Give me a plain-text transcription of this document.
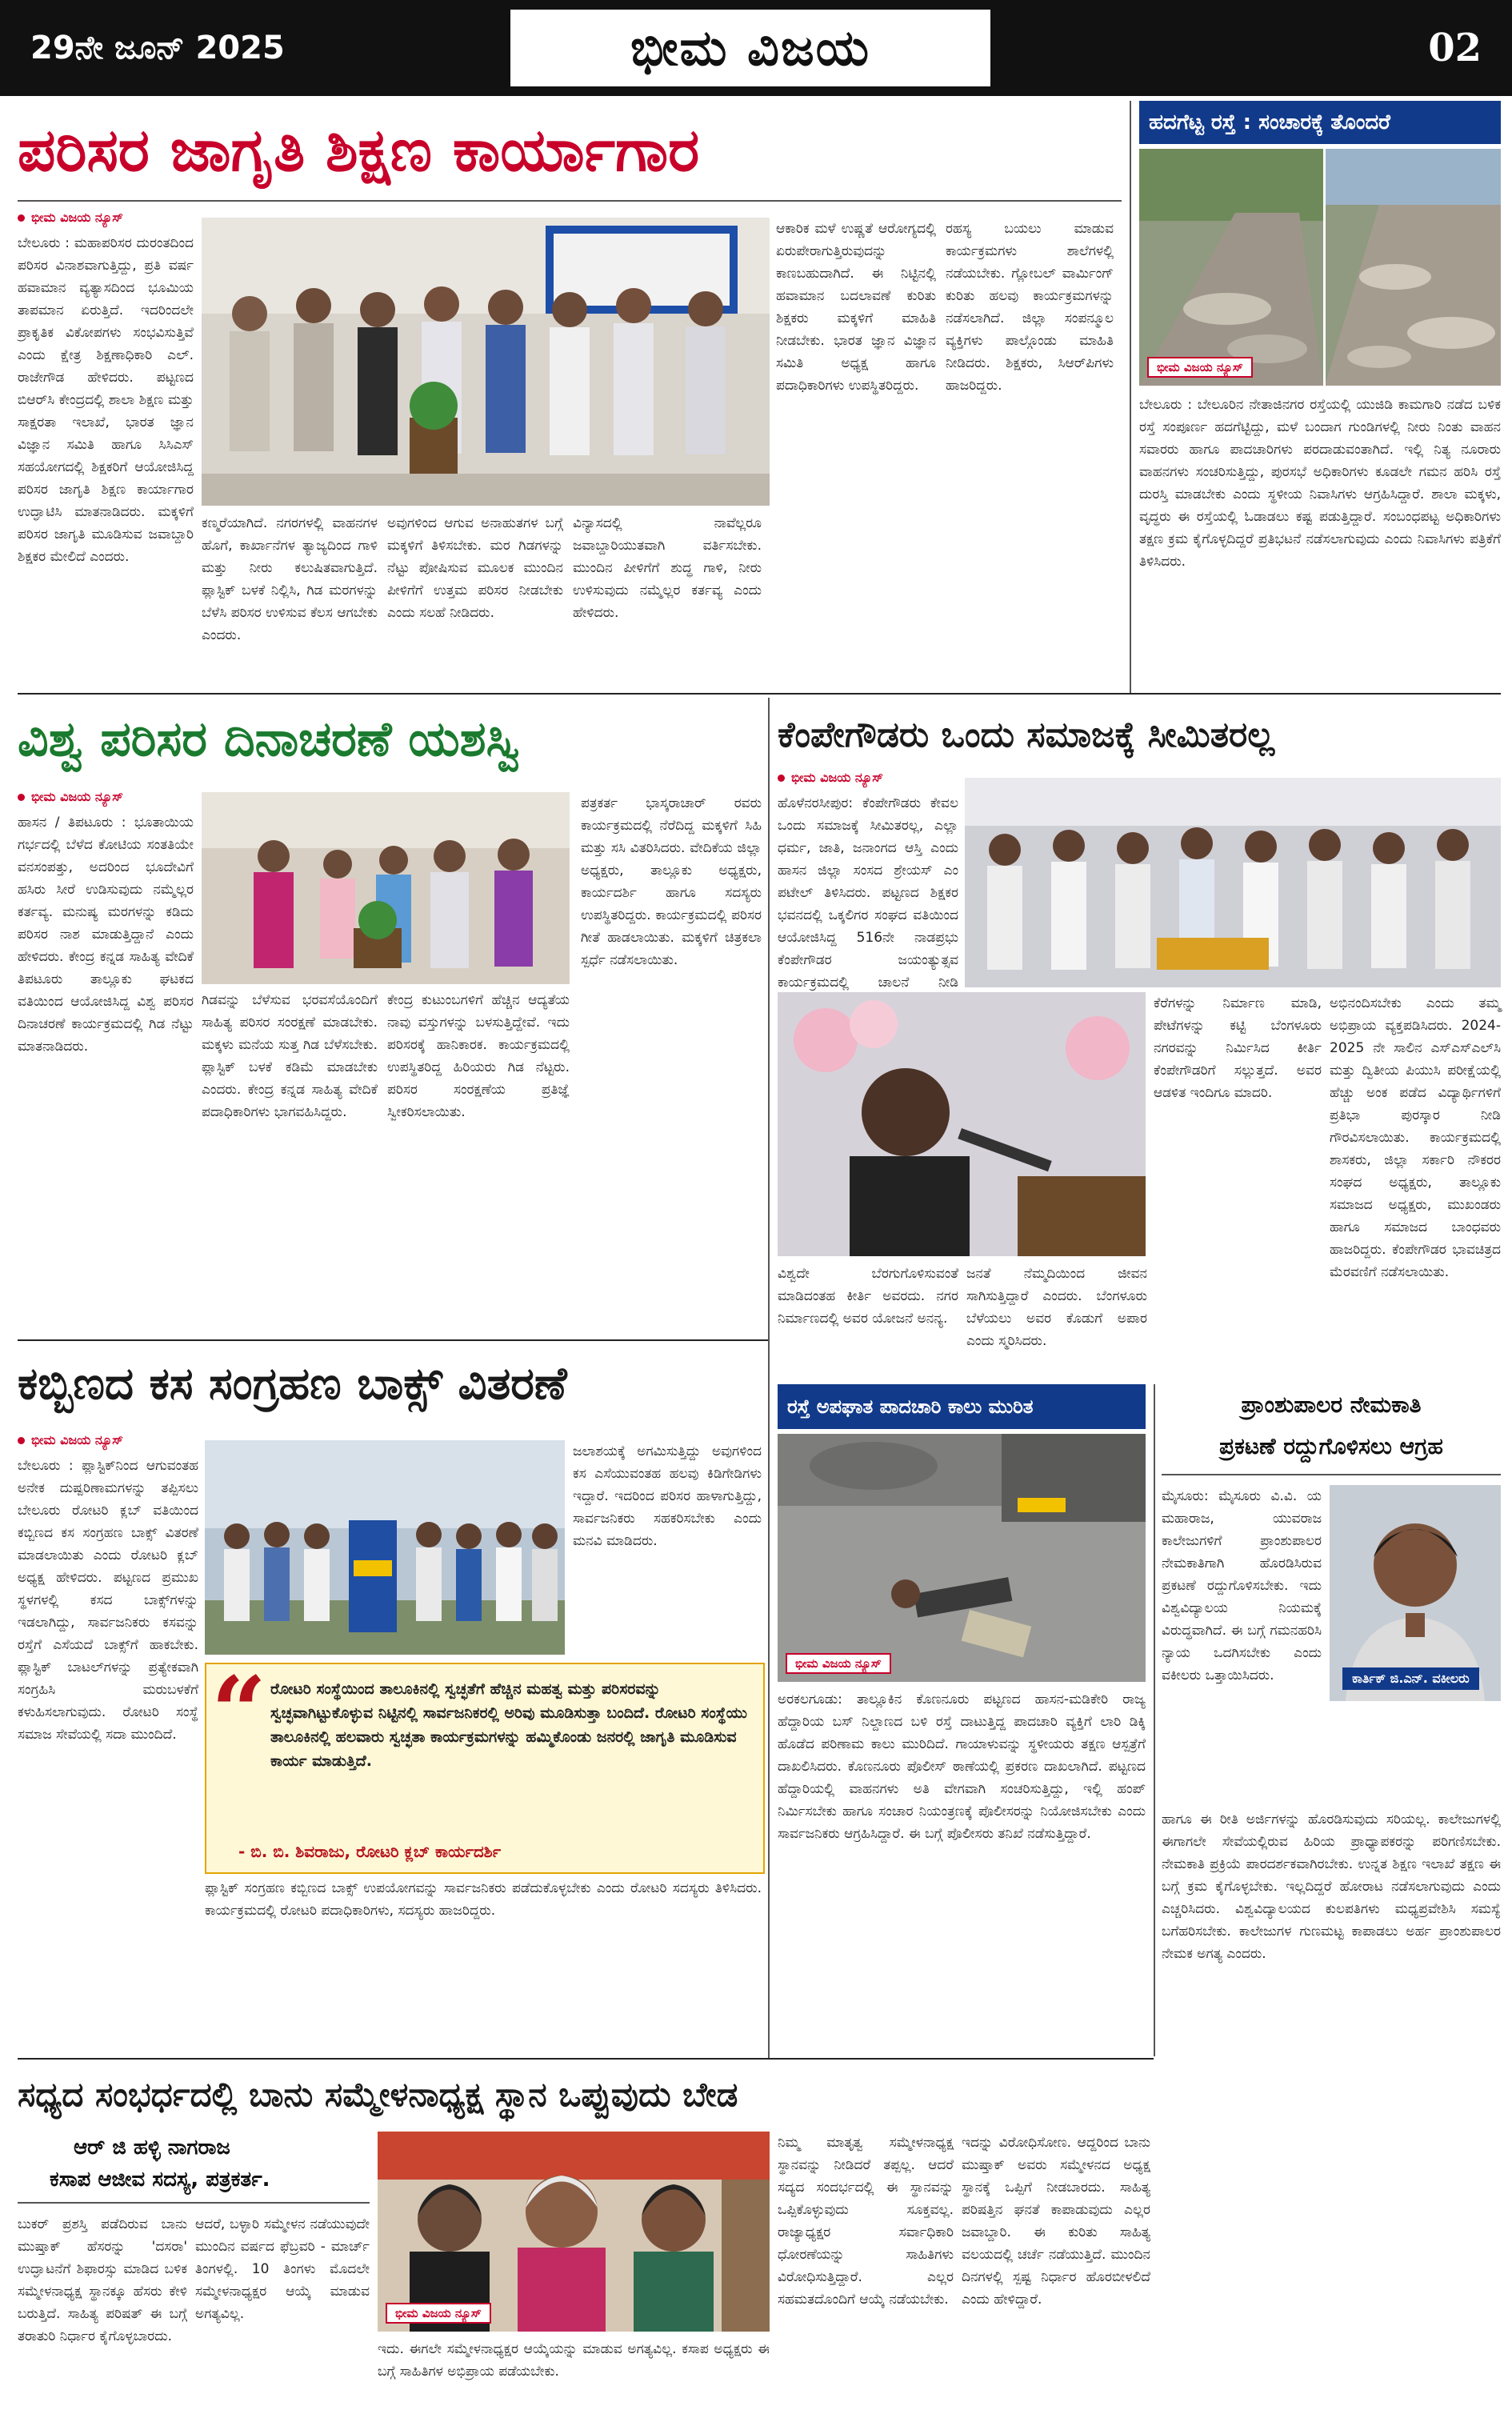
29ನೇ ಜೂನ್ 2025	ಭೀಮ ವಿಜಯ	02
ಪರಿಸರ ಜಾಗೃತಿ ಶಿಕ್ಷಣ ಕಾರ್ಯಾಗಾರ
ಭೀಮ ವಿಜಯ ನ್ಯೂಸ್
ಬೇಲೂರು : ಮಹಾಪರಿಸರ ದುರಂತದಿಂದ ಪರಿಸರ ವಿನಾಶವಾಗುತ್ತಿದ್ದು, ಪ್ರತಿ ವರ್ಷ ಹವಾಮಾನ ವ್ಯತ್ಯಾಸದಿಂದ ಭೂಮಿಯ ತಾಪಮಾನ ಏರುತ್ತಿದೆ. ಇದರಿಂದಲೇ ಪ್ರಾಕೃತಿಕ ವಿಕೋಪಗಳು ಸಂಭವಿಸುತ್ತಿವೆ ಎಂದು ಕ್ಷೇತ್ರ ಶಿಕ್ಷಣಾಧಿಕಾರಿ ಎಲ್. ರಾಜೇಗೌಡ ಹೇಳಿದರು. ಪಟ್ಟಣದ ಬಿಆರ್‌ಸಿ ಕೇಂದ್ರದಲ್ಲಿ ಶಾಲಾ ಶಿಕ್ಷಣ ಮತ್ತು ಸಾಕ್ಷರತಾ ಇಲಾಖೆ, ಭಾರತ ಜ್ಞಾನ ವಿಜ್ಞಾನ ಸಮಿತಿ ಹಾಗೂ ಸಿಸಿಎಸ್ ಸಹಯೋಗದಲ್ಲಿ ಶಿಕ್ಷಕರಿಗೆ ಆಯೋಜಿಸಿದ್ದ ಪರಿಸರ ಜಾಗೃತಿ ಶಿಕ್ಷಣ ಕಾರ್ಯಾಗಾರ ಉದ್ಘಾಟಿಸಿ ಮಾತನಾಡಿದರು. ಮಕ್ಕಳಿಗೆ ಪರಿಸರ ಜಾಗೃತಿ ಮೂಡಿಸುವ ಜವಾಬ್ದಾರಿ ಶಿಕ್ಷಕರ ಮೇಲಿದೆ ಎಂದರು.
ಕಣ್ಮರೆಯಾಗಿದೆ. ನಗರಗಳಲ್ಲಿ ವಾಹನಗಳ ಹೊಗೆ, ಕಾರ್ಖಾನೆಗಳ ತ್ಯಾಜ್ಯದಿಂದ ಗಾಳಿ ಮತ್ತು ನೀರು ಕಲುಷಿತವಾಗುತ್ತಿದೆ. ಪ್ಲಾಸ್ಟಿಕ್ ಬಳಕೆ ನಿಲ್ಲಿಸಿ, ಗಿಡ ಮರಗಳನ್ನು ಬೆಳೆಸಿ ಪರಿಸರ ಉಳಿಸುವ ಕೆಲಸ ಆಗಬೇಕು ಎಂದರು.
ಅವುಗಳಿಂದ ಆಗುವ ಅನಾಹುತಗಳ ಬಗ್ಗೆ ಮಕ್ಕಳಿಗೆ ತಿಳಿಸಬೇಕು. ಮರ ಗಿಡಗಳನ್ನು ನೆಟ್ಟು ಪೋಷಿಸುವ ಮೂಲಕ ಮುಂದಿನ ಪೀಳಿಗೆಗೆ ಉತ್ತಮ ಪರಿಸರ ನೀಡಬೇಕು ಎಂದು ಸಲಹೆ ನೀಡಿದರು.
ವಿನ್ಯಾಸದಲ್ಲಿ ನಾವೆಲ್ಲರೂ ಜವಾಬ್ದಾರಿಯುತವಾಗಿ ವರ್ತಿಸಬೇಕು. ಮುಂದಿನ ಪೀಳಿಗೆಗೆ ಶುದ್ಧ ಗಾಳಿ, ನೀರು ಉಳಿಸುವುದು ನಮ್ಮೆಲ್ಲರ ಕರ್ತವ್ಯ ಎಂದು ಹೇಳಿದರು.
ಆಕಾರಿಕ ಮಳೆ ಉಷ್ಣತೆ ಆರೋಗ್ಯದಲ್ಲಿ ಏರುಪೇರಾಗುತ್ತಿರುವುದನ್ನು ಕಾಣಬಹುದಾಗಿದೆ. ಈ ನಿಟ್ಟಿನಲ್ಲಿ ಹವಾಮಾನ ಬದಲಾವಣೆ ಕುರಿತು ಶಿಕ್ಷಕರು ಮಕ್ಕಳಿಗೆ ಮಾಹಿತಿ ನೀಡಬೇಕು. ಭಾರತ ಜ್ಞಾನ ವಿಜ್ಞಾನ ಸಮಿತಿ ಅಧ್ಯಕ್ಷ ಹಾಗೂ ಪದಾಧಿಕಾರಿಗಳು ಉಪಸ್ಥಿತರಿದ್ದರು.
ರಹಸ್ಯ ಬಯಲು ಮಾಡುವ ಕಾರ್ಯಕ್ರಮಗಳು ಶಾಲೆಗಳಲ್ಲಿ ನಡೆಯಬೇಕು. ಗ್ಲೋಬಲ್ ವಾರ್ಮಿಂಗ್ ಕುರಿತು ಹಲವು ಕಾರ್ಯಕ್ರಮಗಳನ್ನು ನಡೆಸಲಾಗಿದೆ. ಜಿಲ್ಲಾ ಸಂಪನ್ಮೂಲ ವ್ಯಕ್ತಿಗಳು ಪಾಲ್ಗೊಂಡು ಮಾಹಿತಿ ನೀಡಿದರು. ಶಿಕ್ಷಕರು, ಸಿಆರ್‌ಪಿಗಳು ಹಾಜರಿದ್ದರು.
ಹದಗೆಟ್ಟ ರಸ್ತೆ : ಸಂಚಾರಕ್ಕೆ ತೊಂದರೆ
ಭೀಮ ವಿಜಯ ನ್ಯೂಸ್
ಬೇಲೂರು : ಬೇಲೂರಿನ ನೇತಾಜಿನಗರ ರಸ್ತೆಯಲ್ಲಿ ಯುಜಿಡಿ ಕಾಮಗಾರಿ ನಡೆದ ಬಳಿಕ ರಸ್ತೆ ಸಂಪೂರ್ಣ ಹದಗೆಟ್ಟಿದ್ದು, ಮಳೆ ಬಂದಾಗ ಗುಂಡಿಗಳಲ್ಲಿ ನೀರು ನಿಂತು ವಾಹನ ಸವಾರರು ಹಾಗೂ ಪಾದಚಾರಿಗಳು ಪರದಾಡುವಂತಾಗಿದೆ. ಇಲ್ಲಿ ನಿತ್ಯ ನೂರಾರು ವಾಹನಗಳು ಸಂಚರಿಸುತ್ತಿದ್ದು, ಪುರಸಭೆ ಅಧಿಕಾರಿಗಳು ಕೂಡಲೇ ಗಮನ ಹರಿಸಿ ರಸ್ತೆ ದುರಸ್ತಿ ಮಾಡಬೇಕು ಎಂದು ಸ್ಥಳೀಯ ನಿವಾಸಿಗಳು ಆಗ್ರಹಿಸಿದ್ದಾರೆ. ಶಾಲಾ ಮಕ್ಕಳು, ವೃದ್ಧರು ಈ ರಸ್ತೆಯಲ್ಲಿ ಓಡಾಡಲು ಕಷ್ಟ ಪಡುತ್ತಿದ್ದಾರೆ. ಸಂಬಂಧಪಟ್ಟ ಅಧಿಕಾರಿಗಳು ತಕ್ಷಣ ಕ್ರಮ ಕೈಗೊಳ್ಳದಿದ್ದರೆ ಪ್ರತಿಭಟನೆ ನಡೆಸಲಾಗುವುದು ಎಂದು ನಿವಾಸಿಗಳು ಪತ್ರಿಕೆಗೆ ತಿಳಿಸಿದರು.
ವಿಶ್ವ ಪರಿಸರ ದಿನಾಚರಣೆ ಯಶಸ್ವಿ
ಭೀಮ ವಿಜಯ ನ್ಯೂಸ್
ಹಾಸನ / ತಿಪಟೂರು : ಭೂತಾಯಿಯ ಗರ್ಭದಲ್ಲಿ ಬೆಳೆದ ಕೋಟಿಯ ಸಂತತಿಯೇ ವನಸಂಪತ್ತು, ಅದರಿಂದ ಭೂದೇವಿಗೆ ಹಸಿರು ಸೀರೆ ಉಡಿಸುವುದು ನಮ್ಮೆಲ್ಲರ ಕರ್ತವ್ಯ. ಮನುಷ್ಯ ಮರಗಳನ್ನು ಕಡಿದು ಪರಿಸರ ನಾಶ ಮಾಡುತ್ತಿದ್ದಾನೆ ಎಂದು ಹೇಳಿದರು. ಕೇಂದ್ರ ಕನ್ನಡ ಸಾಹಿತ್ಯ ವೇದಿಕೆ ತಿಪಟೂರು ತಾಲ್ಲೂಕು ಘಟಕದ ವತಿಯಿಂದ ಆಯೋಜಿಸಿದ್ದ ವಿಶ್ವ ಪರಿಸರ ದಿನಾಚರಣೆ ಕಾರ್ಯಕ್ರಮದಲ್ಲಿ ಗಿಡ ನೆಟ್ಟು ಮಾತನಾಡಿದರು.
ಗಿಡವನ್ನು ಬೆಳೆಸುವ ಭರವಸೆಯೊಂದಿಗೆ ಸಾಹಿತ್ಯ ಪರಿಸರ ಸಂರಕ್ಷಣೆ ಮಾಡಬೇಕು. ಮಕ್ಕಳು ಮನೆಯ ಸುತ್ತ ಗಿಡ ಬೆಳೆಸಬೇಕು. ಪ್ಲಾಸ್ಟಿಕ್ ಬಳಕೆ ಕಡಿಮೆ ಮಾಡಬೇಕು ಎಂದರು. ಕೇಂದ್ರ ಕನ್ನಡ ಸಾಹಿತ್ಯ ವೇದಿಕೆ ಪದಾಧಿಕಾರಿಗಳು ಭಾಗವಹಿಸಿದ್ದರು.
ಕೇಂದ್ರ ಕುಟುಂಬಗಳಿಗೆ ಹೆಚ್ಚಿನ ಆದ್ಯತೆಯ ನಾವು ವಸ್ತುಗಳನ್ನು ಬಳಸುತ್ತಿದ್ದೇವೆ. ಇದು ಪರಿಸರಕ್ಕೆ ಹಾನಿಕಾರಕ. ಕಾರ್ಯಕ್ರಮದಲ್ಲಿ ಉಪಸ್ಥಿತರಿದ್ದ ಹಿರಿಯರು ಗಿಡ ನೆಟ್ಟರು. ಪರಿಸರ ಸಂರಕ್ಷಣೆಯ ಪ್ರತಿಜ್ಞೆ ಸ್ವೀಕರಿಸಲಾಯಿತು.
ಪತ್ರಕರ್ತ ಭಾಸ್ಕರಾಚಾರ್ ರವರು ಕಾರ್ಯಕ್ರಮದಲ್ಲಿ ನೆರೆದಿದ್ದ ಮಕ್ಕಳಿಗೆ ಸಿಹಿ ಮತ್ತು ಸಸಿ ವಿತರಿಸಿದರು. ವೇದಿಕೆಯ ಜಿಲ್ಲಾ ಅಧ್ಯಕ್ಷರು, ತಾಲ್ಲೂಕು ಅಧ್ಯಕ್ಷರು, ಕಾರ್ಯದರ್ಶಿ ಹಾಗೂ ಸದಸ್ಯರು ಉಪಸ್ಥಿತರಿದ್ದರು. ಕಾರ್ಯಕ್ರಮದಲ್ಲಿ ಪರಿಸರ ಗೀತೆ ಹಾಡಲಾಯಿತು. ಮಕ್ಕಳಿಗೆ ಚಿತ್ರಕಲಾ ಸ್ಪರ್ಧೆ ನಡೆಸಲಾಯಿತು.
ಕೆಂಪೇಗೌಡರು ಒಂದು ಸಮಾಜಕ್ಕೆ ಸೀಮಿತರಲ್ಲ
ಭೀಮ ವಿಜಯ ನ್ಯೂಸ್
ಹೊಳೆನರಸೀಪುರ: ಕೆಂಪೇಗೌಡರು ಕೇವಲ ಒಂದು ಸಮಾಜಕ್ಕೆ ಸೀಮಿತರಲ್ಲ, ಎಲ್ಲಾ ಧರ್ಮ, ಜಾತಿ, ಜನಾಂಗದ ಆಸ್ತಿ ಎಂದು ಹಾಸನ ಜಿಲ್ಲಾ ಸಂಸದ ಶ್ರೇಯಸ್ ಎಂ ಪಟೇಲ್ ತಿಳಿಸಿದರು. ಪಟ್ಟಣದ ಶಿಕ್ಷಕರ ಭವನದಲ್ಲಿ ಒಕ್ಕಲಿಗರ ಸಂಘದ ವತಿಯಿಂದ ಆಯೋಜಿಸಿದ್ದ 516ನೇ ನಾಡಪ್ರಭು ಕೆಂಪೇಗೌಡರ ಜಯಂತ್ಯುತ್ಸವ ಕಾರ್ಯಕ್ರಮದಲ್ಲಿ ಚಾಲನೆ ನೀಡಿ
ಕೆರೆಗಳನ್ನು ನಿರ್ಮಾಣ ಮಾಡಿ, ಪೇಟೆಗಳನ್ನು ಕಟ್ಟಿ ಬೆಂಗಳೂರು ನಗರವನ್ನು ನಿರ್ಮಿಸಿದ ಕೀರ್ತಿ ಕೆಂಪೇಗೌಡರಿಗೆ ಸಲ್ಲುತ್ತದೆ. ಅವರ ಆಡಳಿತ ಇಂದಿಗೂ ಮಾದರಿ.
ಅಭಿನಂದಿಸಬೇಕು ಎಂದು ತಮ್ಮ ಅಭಿಪ್ರಾಯ ವ್ಯಕ್ತಪಡಿಸಿದರು. 2024-2025 ನೇ ಸಾಲಿನ ಎಸ್‌ಎಸ್‌ಎಲ್‌ಸಿ ಮತ್ತು ದ್ವಿತೀಯ ಪಿಯುಸಿ ಪರೀಕ್ಷೆಯಲ್ಲಿ ಹೆಚ್ಚು ಅಂಕ ಪಡೆದ ವಿದ್ಯಾರ್ಥಿಗಳಿಗೆ ಪ್ರತಿಭಾ ಪುರಸ್ಕಾರ ನೀಡಿ ಗೌರವಿಸಲಾಯಿತು. ಕಾರ್ಯಕ್ರಮದಲ್ಲಿ ಶಾಸಕರು, ಜಿಲ್ಲಾ ಸರ್ಕಾರಿ ನೌಕರರ ಸಂಘದ ಅಧ್ಯಕ್ಷರು, ತಾಲ್ಲೂಕು ಸಮಾಜದ ಅಧ್ಯಕ್ಷರು, ಮುಖಂಡರು ಹಾಗೂ ಸಮಾಜದ ಬಾಂಧವರು ಹಾಜರಿದ್ದರು. ಕೆಂಪೇಗೌಡರ ಭಾವಚಿತ್ರದ ಮೆರವಣಿಗೆ ನಡೆಸಲಾಯಿತು.
ವಿಶ್ವದೇ ಬೆರಗುಗೊಳಿಸುವಂತೆ ಮಾಡಿದಂತಹ ಕೀರ್ತಿ ಅವರದು. ನಗರ ನಿರ್ಮಾಣದಲ್ಲಿ ಅವರ ಯೋಜನೆ ಅನನ್ಯ.
ಜನತೆ ನೆಮ್ಮದಿಯಿಂದ ಜೀವನ ಸಾಗಿಸುತ್ತಿದ್ದಾರೆ ಎಂದರು. ಬೆಂಗಳೂರು ಬೆಳೆಯಲು ಅವರ ಕೊಡುಗೆ ಅಪಾರ ಎಂದು ಸ್ಮರಿಸಿದರು.
ಕಬ್ಬಿಣದ ಕಸ ಸಂಗ್ರಹಣ ಬಾಕ್ಸ್ ವಿತರಣೆ
ಭೀಮ ವಿಜಯ ನ್ಯೂಸ್
ಬೇಲೂರು : ಪ್ಲಾಸ್ಟಿಕ್‌ನಿಂದ ಆಗುವಂತಹ ಅನೇಕ ದುಷ್ಪರಿಣಾಮಗಳನ್ನು ತಪ್ಪಿಸಲು ಬೇಲೂರು ರೋಟರಿ ಕ್ಲಬ್ ವತಿಯಿಂದ ಕಬ್ಬಿಣದ ಕಸ ಸಂಗ್ರಹಣ ಬಾಕ್ಸ್ ವಿತರಣೆ ಮಾಡಲಾಯಿತು ಎಂದು ರೋಟರಿ ಕ್ಲಬ್ ಅಧ್ಯಕ್ಷ ಹೇಳಿದರು. ಪಟ್ಟಣದ ಪ್ರಮುಖ ಸ್ಥಳಗಳಲ್ಲಿ ಕಸದ ಬಾಕ್ಸ್‌ಗಳನ್ನು ಇಡಲಾಗಿದ್ದು, ಸಾರ್ವಜನಿಕರು ಕಸವನ್ನು ರಸ್ತೆಗೆ ಎಸೆಯದೆ ಬಾಕ್ಸ್‌ಗೆ ಹಾಕಬೇಕು. ಪ್ಲಾಸ್ಟಿಕ್ ಬಾಟಲ್‌ಗಳನ್ನು ಪ್ರತ್ಯೇಕವಾಗಿ ಸಂಗ್ರಹಿಸಿ ಮರುಬಳಕೆಗೆ ಕಳುಹಿಸಲಾಗುವುದು. ರೋಟರಿ ಸಂಸ್ಥೆ ಸಮಾಜ ಸೇವೆಯಲ್ಲಿ ಸದಾ ಮುಂದಿದೆ.
ಜಲಾಶಯಕ್ಕೆ ಅಗಮಿಸುತ್ತಿದ್ದು ಅವುಗಳಿಂದ ಕಸ ಎಸೆಯುವಂತಹ ಹಲವು ಕಿಡಿಗೇಡಿಗಳು ಇದ್ದಾರೆ. ಇದರಿಂದ ಪರಿಸರ ಹಾಳಾಗುತ್ತಿದ್ದು, ಸಾರ್ವಜನಿಕರು ಸಹಕರಿಸಬೇಕು ಎಂದು ಮನವಿ ಮಾಡಿದರು.
“ ರೋಟರಿ ಸಂಸ್ಥೆಯಿಂದ ತಾಲೂಕಿನಲ್ಲಿ ಸ್ವಚ್ಛತೆಗೆ ಹೆಚ್ಚಿನ ಮಹತ್ವ ಮತ್ತು ಪರಿಸರವನ್ನು ಸ್ವಚ್ಛವಾಗಿಟ್ಟುಕೊಳ್ಳುವ ನಿಟ್ಟಿನಲ್ಲಿ ಸಾರ್ವಜನಿಕರಲ್ಲಿ ಅರಿವು ಮೂಡಿಸುತ್ತಾ ಬಂದಿದೆ. ರೋಟರಿ ಸಂಸ್ಥೆಯು ತಾಲೂಕಿನಲ್ಲಿ ಹಲವಾರು ಸ್ವಚ್ಛತಾ ಕಾರ್ಯಕ್ರಮಗಳನ್ನು ಹಮ್ಮಿಕೊಂಡು ಜನರಲ್ಲಿ ಜಾಗೃತಿ ಮೂಡಿಸುವ ಕಾರ್ಯ ಮಾಡುತ್ತಿದೆ.
- ಬಿ. ಬಿ. ಶಿವರಾಜು, ರೋಟರಿ ಕ್ಲಬ್ ಕಾರ್ಯದರ್ಶಿ
ಪ್ಲಾಸ್ಟಿಕ್ ಸಂಗ್ರಹಣ ಕಬ್ಬಿಣದ ಬಾಕ್ಸ್ ಉಪಯೋಗವನ್ನು ಸಾರ್ವಜನಿಕರು ಪಡೆದುಕೊಳ್ಳಬೇಕು ಎಂದು ರೋಟರಿ ಸದಸ್ಯರು ತಿಳಿಸಿದರು. ಕಾರ್ಯಕ್ರಮದಲ್ಲಿ ರೋಟರಿ ಪದಾಧಿಕಾರಿಗಳು, ಸದಸ್ಯರು ಹಾಜರಿದ್ದರು.
ರಸ್ತೆ ಅಪಘಾತ ಪಾದಚಾರಿ ಕಾಲು ಮುರಿತ
ಭೀಮ ವಿಜಯ ನ್ಯೂಸ್
ಅರಕಲಗೂಡು: ತಾಲ್ಲೂಕಿನ ಕೊಣನೂರು ಪಟ್ಟಣದ ಹಾಸನ-ಮಡಿಕೇರಿ ರಾಜ್ಯ ಹೆದ್ದಾರಿಯ ಬಸ್ ನಿಲ್ದಾಣದ ಬಳಿ ರಸ್ತೆ ದಾಟುತ್ತಿದ್ದ ಪಾದಚಾರಿ ವ್ಯಕ್ತಿಗೆ ಲಾರಿ ಡಿಕ್ಕಿ ಹೊಡೆದ ಪರಿಣಾಮ ಕಾಲು ಮುರಿದಿದೆ. ಗಾಯಾಳುವನ್ನು ಸ್ಥಳೀಯರು ತಕ್ಷಣ ಆಸ್ಪತ್ರೆಗೆ ದಾಖಲಿಸಿದರು. ಕೊಣನೂರು ಪೊಲೀಸ್ ಠಾಣೆಯಲ್ಲಿ ಪ್ರಕರಣ ದಾಖಲಾಗಿದೆ. ಪಟ್ಟಣದ ಹೆದ್ದಾರಿಯಲ್ಲಿ ವಾಹನಗಳು ಅತಿ ವೇಗವಾಗಿ ಸಂಚರಿಸುತ್ತಿದ್ದು, ಇಲ್ಲಿ ಹಂಪ್ ನಿರ್ಮಿಸಬೇಕು ಹಾಗೂ ಸಂಚಾರ ನಿಯಂತ್ರಣಕ್ಕೆ ಪೊಲೀಸರನ್ನು ನಿಯೋಜಿಸಬೇಕು ಎಂದು ಸಾರ್ವಜನಿಕರು ಆಗ್ರಹಿಸಿದ್ದಾರೆ. ಈ ಬಗ್ಗೆ ಪೊಲೀಸರು ತನಿಖೆ ನಡೆಸುತ್ತಿದ್ದಾರೆ.
ಪ್ರಾಂಶುಪಾಲರ ನೇಮಕಾತಿ
ಪ್ರಕಟಣೆ ರದ್ದುಗೊಳಿಸಲು ಆಗ್ರಹ
ಮೈಸೂರು: ಮೈಸೂರು ವಿ.ವಿ. ಯ ಮಹಾರಾಜ, ಯುವರಾಜ ಕಾಲೇಜುಗಳಿಗೆ ಪ್ರಾಂಶುಪಾಲರ ನೇಮಕಾತಿಗಾಗಿ ಹೊರಡಿಸಿರುವ ಪ್ರಕಟಣೆ ರದ್ದುಗೊಳಿಸಬೇಕು. ಇದು ವಿಶ್ವವಿದ್ಯಾಲಯ ನಿಯಮಕ್ಕೆ ವಿರುದ್ಧವಾಗಿದೆ. ಈ ಬಗ್ಗೆ ಗಮನಹರಿಸಿ ನ್ಯಾಯ ಒದಗಿಸಬೇಕು ಎಂದು ವಕೀಲರು ಒತ್ತಾಯಿಸಿದರು.	ಕಾರ್ತಿಕ್ ಜಿ.ಎನ್. ವಕೀಲರು
ಹಾಗೂ ಈ ರೀತಿ ಅರ್ಜಿಗಳನ್ನು ಹೊರಡಿಸುವುದು ಸರಿಯಲ್ಲ. ಕಾಲೇಜುಗಳಲ್ಲಿ ಈಗಾಗಲೇ ಸೇವೆಯಲ್ಲಿರುವ ಹಿರಿಯ ಪ್ರಾಧ್ಯಾಪಕರನ್ನು ಪರಿಗಣಿಸಬೇಕು. ನೇಮಕಾತಿ ಪ್ರಕ್ರಿಯೆ ಪಾರದರ್ಶಕವಾಗಿರಬೇಕು. ಉನ್ನತ ಶಿಕ್ಷಣ ಇಲಾಖೆ ತಕ್ಷಣ ಈ ಬಗ್ಗೆ ಕ್ರಮ ಕೈಗೊಳ್ಳಬೇಕು. ಇಲ್ಲದಿದ್ದರೆ ಹೋರಾಟ ನಡೆಸಲಾಗುವುದು ಎಂದು ಎಚ್ಚರಿಸಿದರು. ವಿಶ್ವವಿದ್ಯಾಲಯದ ಕುಲಪತಿಗಳು ಮಧ್ಯಪ್ರವೇಶಿಸಿ ಸಮಸ್ಯೆ ಬಗೆಹರಿಸಬೇಕು. ಕಾಲೇಜುಗಳ ಗುಣಮಟ್ಟ ಕಾಪಾಡಲು ಅರ್ಹ ಪ್ರಾಂಶುಪಾಲರ ನೇಮಕ ಅಗತ್ಯ ಎಂದರು.
ಸಧ್ಯದ ಸಂಭರ್ಧದಲ್ಲಿ ಬಾನು ಸಮ್ಮೇಳನಾಧ್ಯಕ್ಷ ಸ್ಥಾನ ಒಪ್ಪುವುದು ಬೇಡ
ಆರ್ ಜಿ ಹಳ್ಳಿ ನಾಗರಾಜ
ಕಸಾಪ ಆಜೀವ ಸದಸ್ಯ, ಪತ್ರಕರ್ತ.
ಬುಕರ್ ಪ್ರಶಸ್ತಿ ಪಡೆದಿರುವ ಬಾನು ಮುಷ್ತಾಕ್ ಹೆಸರನ್ನು 'ದಸರಾ' ಉದ್ಘಾಟನೆಗೆ ಶಿಫಾರಸ್ಸು ಮಾಡಿದ ಬಳಿಕ ಸಮ್ಮೇಳನಾಧ್ಯಕ್ಷ ಸ್ಥಾನಕ್ಕೂ ಹೆಸರು ಕೇಳಿ ಬರುತ್ತಿದೆ. ಸಾಹಿತ್ಯ ಪರಿಷತ್ ಈ ಬಗ್ಗೆ ತರಾತುರಿ ನಿರ್ಧಾರ ಕೈಗೊಳ್ಳಬಾರದು.
ಆದರೆ, ಬಳ್ಳಾರಿ ಸಮ್ಮೇಳನ ನಡೆಯುವುದೇ ಮುಂದಿನ ವರ್ಷದ ಫೆಬ್ರವರಿ - ಮಾರ್ಚ್ ತಿಂಗಳಲ್ಲಿ. 10 ತಿಂಗಳು ಮೊದಲೇ ಸಮ್ಮೇಳನಾಧ್ಯಕ್ಷರ ಆಯ್ಕೆ ಮಾಡುವ ಅಗತ್ಯವಿಲ್ಲ.	ಭೀಮ ವಿಜಯ ನ್ಯೂಸ್
ಇದು. ಈಗಲೇ ಸಮ್ಮೇಳನಾಧ್ಯಕ್ಷರ ಆಯ್ಕೆಯನ್ನು ಮಾಡುವ ಅಗತ್ಯವಿಲ್ಲ. ಕಸಾಪ ಅಧ್ಯಕ್ಷರು ಈ ಬಗ್ಗೆ ಸಾಹಿತಿಗಳ ಅಭಿಪ್ರಾಯ ಪಡೆಯಬೇಕು.
ನಿಮ್ಮ ಮಾತೃತ್ವ ಸಮ್ಮೇಳನಾಧ್ಯಕ್ಷ ಸ್ಥಾನವನ್ನು ನೀಡಿದರೆ ತಪ್ಪಲ್ಲ. ಆದರೆ ಸದ್ಯದ ಸಂದರ್ಭದಲ್ಲಿ ಈ ಸ್ಥಾನವನ್ನು ಒಪ್ಪಿಕೊಳ್ಳುವುದು ಸೂಕ್ತವಲ್ಲ. ರಾಜ್ಯಾಧ್ಯಕ್ಷರ ಸರ್ವಾಧಿಕಾರಿ ಧೋರಣೆಯನ್ನು ಸಾಹಿತಿಗಳು ವಿರೋಧಿಸುತ್ತಿದ್ದಾರೆ. ಎಲ್ಲರ ಸಹಮತದೊಂದಿಗೆ ಆಯ್ಕೆ ನಡೆಯಬೇಕು.
ಇದನ್ನು ವಿರೋಧಿಸೋಣ. ಆದ್ದರಿಂದ ಬಾನು ಮುಷ್ತಾಕ್ ಅವರು ಸಮ್ಮೇಳನದ ಅಧ್ಯಕ್ಷ ಸ್ಥಾನಕ್ಕೆ ಒಪ್ಪಿಗೆ ನೀಡಬಾರದು. ಸಾಹಿತ್ಯ ಪರಿಷತ್ತಿನ ಘನತೆ ಕಾಪಾಡುವುದು ಎಲ್ಲರ ಜವಾಬ್ದಾರಿ. ಈ ಕುರಿತು ಸಾಹಿತ್ಯ ವಲಯದಲ್ಲಿ ಚರ್ಚೆ ನಡೆಯುತ್ತಿದೆ. ಮುಂದಿನ ದಿನಗಳಲ್ಲಿ ಸ್ಪಷ್ಟ ನಿರ್ಧಾರ ಹೊರಬೀಳಲಿದೆ ಎಂದು ಹೇಳಿದ್ದಾರೆ.
